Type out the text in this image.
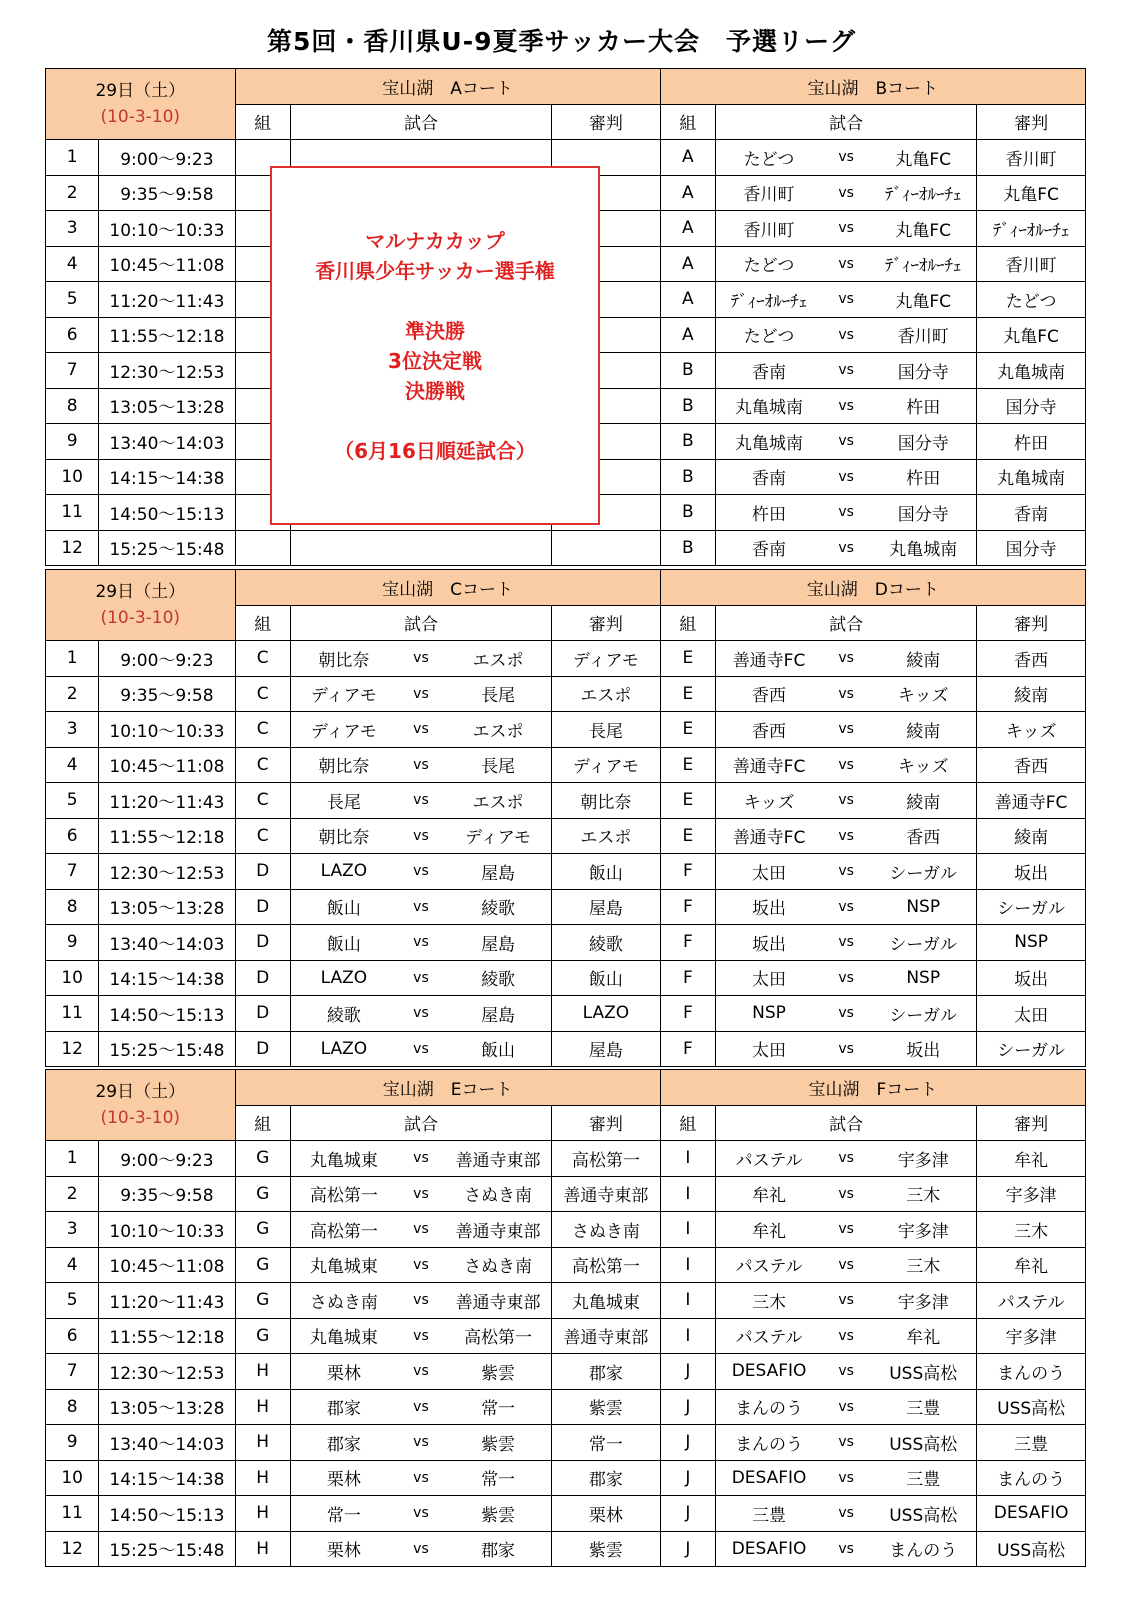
第5回・香川県U-9夏季サッカー大会　予選リーグ
29日（土）
(10-3-10)		宝山湖　Aコート					宝山湖　Bコート				
		組	試合			審判	組	試合			審判
1	9:00～9:23						A	たどつ	vs	丸亀FC	香川町
2	9:35～9:58						A	香川町	vs	ﾃﾞｨｰｵﾙｰﾁｪ	丸亀FC
3	10:10～10:33						A	香川町	vs	丸亀FC	ﾃﾞｨｰｵﾙｰﾁｪ
4	10:45～11:08						A	たどつ	vs	ﾃﾞｨｰｵﾙｰﾁｪ	香川町
5	11:20～11:43						A	ﾃﾞｨｰｵﾙｰﾁｪ	vs	丸亀FC	たどつ
6	11:55～12:18						A	たどつ	vs	香川町	丸亀FC
7	12:30～12:53						B	香南	vs	国分寺	丸亀城南
8	13:05～13:28						B	丸亀城南	vs	杵田	国分寺
9	13:40～14:03						B	丸亀城南	vs	国分寺	杵田
10	14:15～14:38						B	香南	vs	杵田	丸亀城南
11	14:50～15:13						B	杵田	vs	国分寺	香南
12	15:25～15:48						B	香南	vs	丸亀城南	国分寺
29日（土）
(10-3-10)		宝山湖　Cコート					宝山湖　Dコート				
		組	試合			審判	組	試合			審判
1	9:00～9:23	C	朝比奈	vs	エスポ	ディアモ	E	善通寺FC	vs	綾南	香西
2	9:35～9:58	C	ディアモ	vs	長尾	エスポ	E	香西	vs	キッズ	綾南
3	10:10～10:33	C	ディアモ	vs	エスポ	長尾	E	香西	vs	綾南	キッズ
4	10:45～11:08	C	朝比奈	vs	長尾	ディアモ	E	善通寺FC	vs	キッズ	香西
5	11:20～11:43	C	長尾	vs	エスポ	朝比奈	E	キッズ	vs	綾南	善通寺FC
6	11:55～12:18	C	朝比奈	vs	ディアモ	エスポ	E	善通寺FC	vs	香西	綾南
7	12:30～12:53	D	LAZO	vs	屋島	飯山	F	太田	vs	シーガル	坂出
8	13:05～13:28	D	飯山	vs	綾歌	屋島	F	坂出	vs	NSP	シーガル
9	13:40～14:03	D	飯山	vs	屋島	綾歌	F	坂出	vs	シーガル	NSP
10	14:15～14:38	D	LAZO	vs	綾歌	飯山	F	太田	vs	NSP	坂出
11	14:50～15:13	D	綾歌	vs	屋島	LAZO	F	NSP	vs	シーガル	太田
12	15:25～15:48	D	LAZO	vs	飯山	屋島	F	太田	vs	坂出	シーガル
29日（土）
(10-3-10)		宝山湖　Eコート					宝山湖　Fコート				
		組	試合			審判	組	試合			審判
1	9:00～9:23	G	丸亀城東	vs	善通寺東部	高松第一	I	パステル	vs	宇多津	牟礼
2	9:35～9:58	G	高松第一	vs	さぬき南	善通寺東部	I	牟礼	vs	三木	宇多津
3	10:10～10:33	G	高松第一	vs	善通寺東部	さぬき南	I	牟礼	vs	宇多津	三木
4	10:45～11:08	G	丸亀城東	vs	さぬき南	高松第一	I	パステル	vs	三木	牟礼
5	11:20～11:43	G	さぬき南	vs	善通寺東部	丸亀城東	I	三木	vs	宇多津	パステル
6	11:55～12:18	G	丸亀城東	vs	高松第一	善通寺東部	I	パステル	vs	牟礼	宇多津
7	12:30～12:53	H	栗林	vs	紫雲	郡家	J	DESAFIO	vs	USS高松	まんのう
8	13:05～13:28	H	郡家	vs	常一	紫雲	J	まんのう	vs	三豊	USS高松
9	13:40～14:03	H	郡家	vs	紫雲	常一	J	まんのう	vs	USS高松	三豊
10	14:15～14:38	H	栗林	vs	常一	郡家	J	DESAFIO	vs	三豊	まんのう
11	14:50～15:13	H	常一	vs	紫雲	栗林	J	三豊	vs	USS高松	DESAFIO
12	15:25～15:48	H	栗林	vs	郡家	紫雲	J	DESAFIO	vs	まんのう	USS高松
マルナカカップ
香川県少年サッカー選手権
準決勝
3位決定戦
決勝戦
（6月16日順延試合）
